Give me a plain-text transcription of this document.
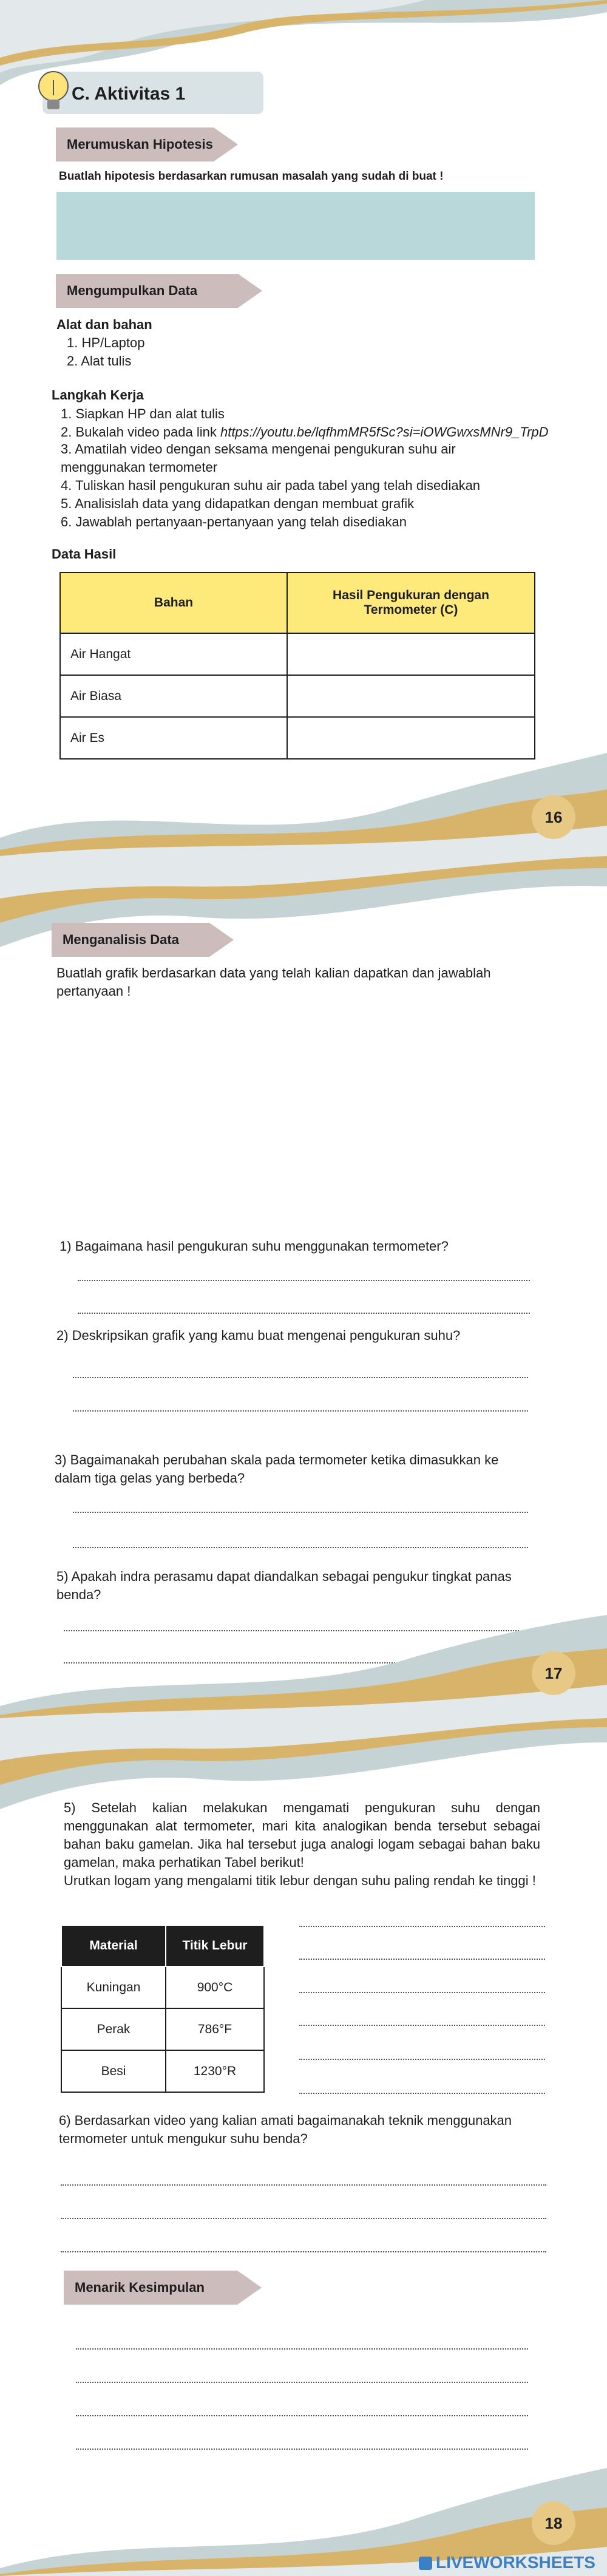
C. Aktivitas 1
Merumuskan Hipotesis
Buatlah hipotesis berdasarkan rumusan masalah yang sudah di buat !
Mengumpulkan Data
Alat dan bahan
1. HP/Laptop
2. Alat tulis
Langkah Kerja
1. Siapkan HP dan alat tulis
2. Bukalah video pada link https://youtu.be/lqfhmMR5fSc?si=iOWGwxsMNr9_TrpD
3. Amatilah video dengan seksama mengenai pengukuran suhu air menggunakan termometer
4. Tuliskan hasil pengukuran suhu air pada tabel yang telah disediakan
5. Analisislah data yang didapatkan dengan membuat grafik
6. Jawablah pertanyaan-pertanyaan yang telah disediakan
Data Hasil
Bahan	Hasil Pengukuran dengan Termometer (C)
Air Hangat	
Air Biasa	
Air Es	
16
Menganalisis Data
Buatlah grafik berdasarkan data yang telah kalian dapatkan dan jawablah pertanyaan !
1) Bagaimana hasil pengukuran suhu menggunakan termometer?
2) Deskripsikan grafik yang kamu buat mengenai pengukuran suhu?
3) Bagaimanakah perubahan skala pada termometer ketika dimasukkan ke dalam tiga gelas yang berbeda?
5) Apakah indra perasamu dapat diandalkan sebagai pengukur tingkat panas benda?
17
5) Setelah kalian melakukan mengamati pengukuran suhu dengan menggunakan alat termometer, mari kita analogikan benda tersebut sebagai bahan baku gamelan. Jika hal tersebut juga analogi logam sebagai bahan baku gamelan, maka perhatikan Tabel berikut!
Urutkan logam yang mengalami titik lebur dengan suhu paling rendah ke tinggi !
Material	Titik Lebur
Kuningan	900°C
Perak	786°F
Besi	1230°R
6) Berdasarkan video yang kalian amati bagaimanakah teknik menggunakan termometer untuk mengukur suhu benda?
Menarik Kesimpulan
18
LIVEWORKSHEETS
